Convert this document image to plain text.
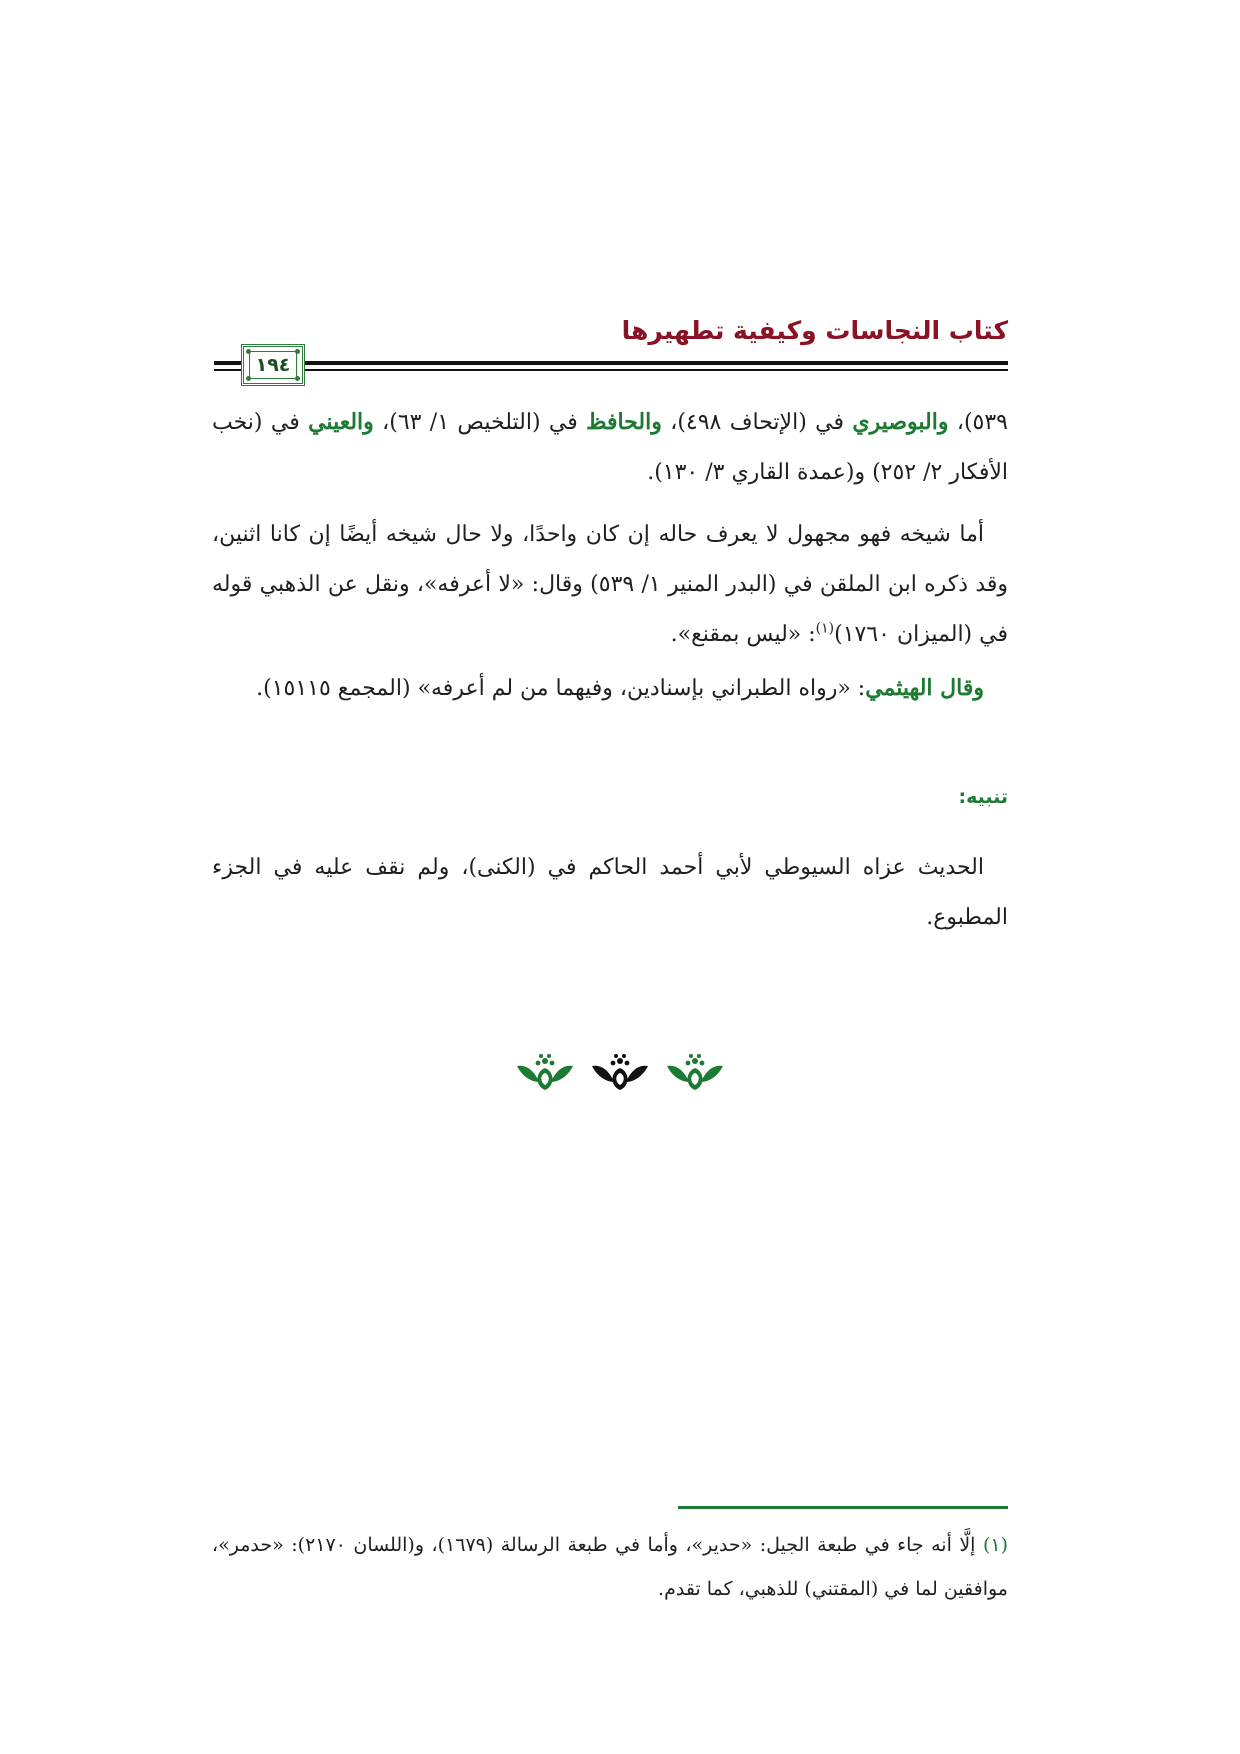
كتاب النجاسات وكيفية تطهيرها
١٩٤

٥٣٩)، والبوصيري في (الإتحاف ٤٩٨)، والحافظ في (التلخيص ١/ ٦٣)، والعيني في (نخب الأفكار ٢/ ٢٥٢) و(عمدة القاري ٣/ ١٣٠).

أما شيخه فهو مجهول لا يعرف حاله إن كان واحدًا، ولا حال شيخه أيضًا إن كانا اثنين، وقد ذكره ابن الملقن في (البدر المنير ١/ ٥٣٩) وقال: «لا أعرفه»، ونقل عن الذهبي قوله في (الميزان ١٧٦٠)$^{(١)}$: «ليس بمقنع».

وقال الهيثمي: «رواه الطبراني بإسنادين، وفيهما من لم أعرفه» (المجمع ١٥١١٥).

تنبيه:

الحديث عزاه السيوطي لأبي أحمد الحاكم في (الكنى)، ولم نقف عليه في الجزء المطبوع.

(١) إلَّا أنه جاء في طبعة الجيل: «حدير»، وأما في طبعة الرسالة (١٦٧٩)، و(اللسان ٢١٧٠): «حدمر»، موافقين لما في (المقتني) للذهبي، كما تقدم.
